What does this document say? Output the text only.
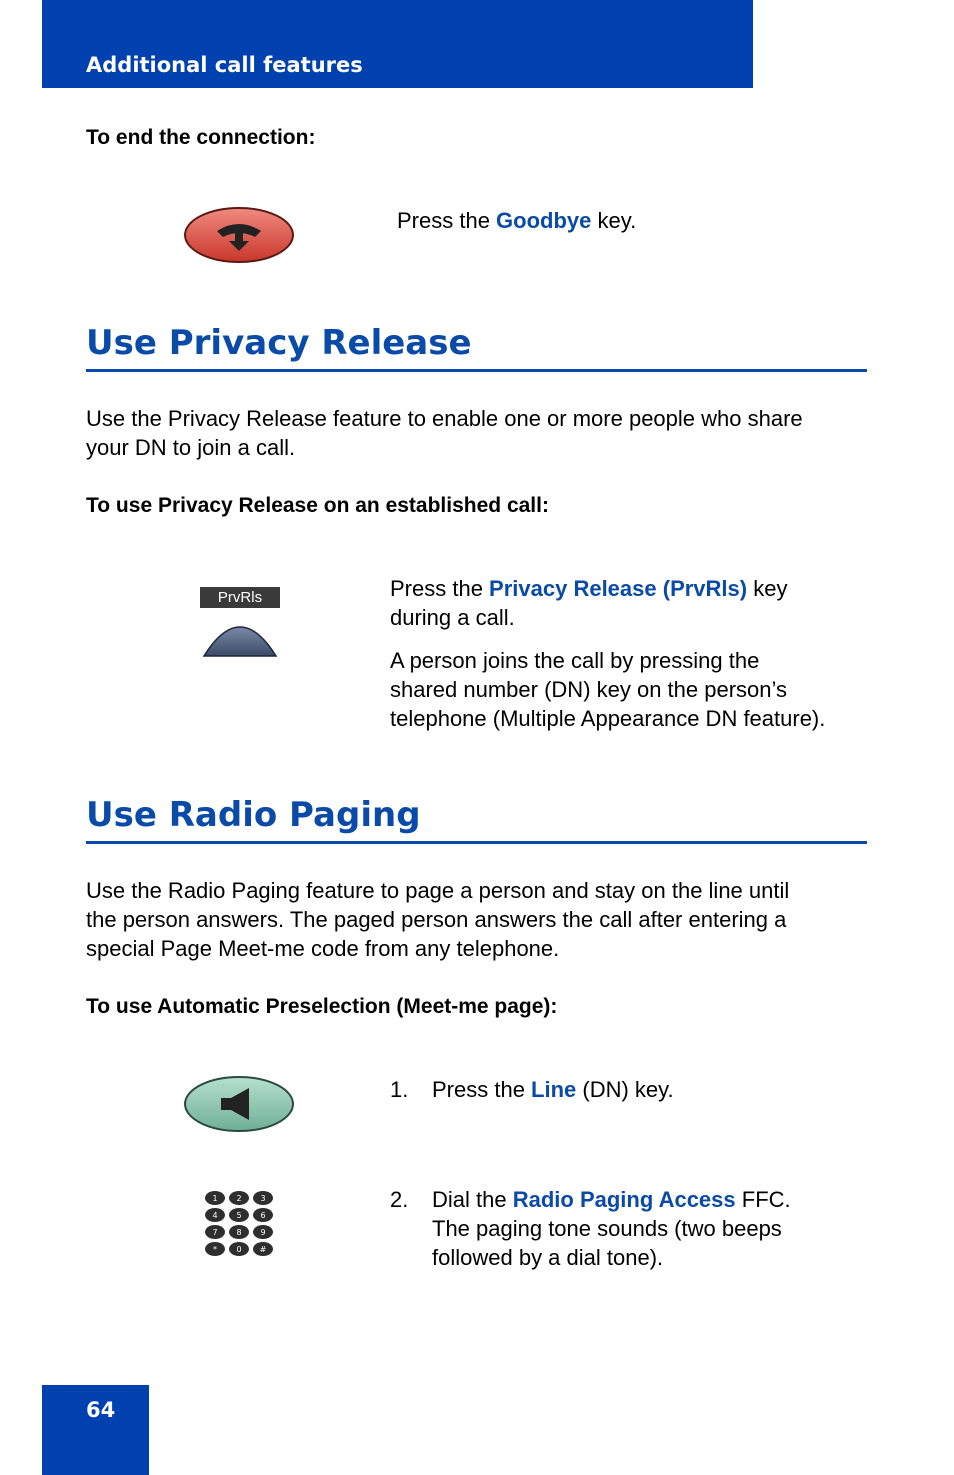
Additional call features
To end the connection:
Press the Goodbye key.
Use Privacy Release
Use the Privacy Release feature to enable one or more people who share
your DN to join a call.
To use Privacy Release on an established call:
PrvRls	Press the Privacy Release (PrvRls) key
during a call.
A person joins the call by pressing the
shared number (DN) key on the person’s
telephone (Multiple Appearance DN feature).
Use Radio Paging
Use the Radio Paging feature to page a person and stay on the line until
the person answers. The paged person answers the call after entering a
special Page Meet-me code from any telephone.
To use Automatic Preselection (Meet-me page):
1. Press the Line (DN) key.
1 2 3
4 5 6
7 8 9
* 0 #
2. Dial the Radio Paging Access FFC.
The paging tone sounds (two beeps
followed by a dial tone).
64
